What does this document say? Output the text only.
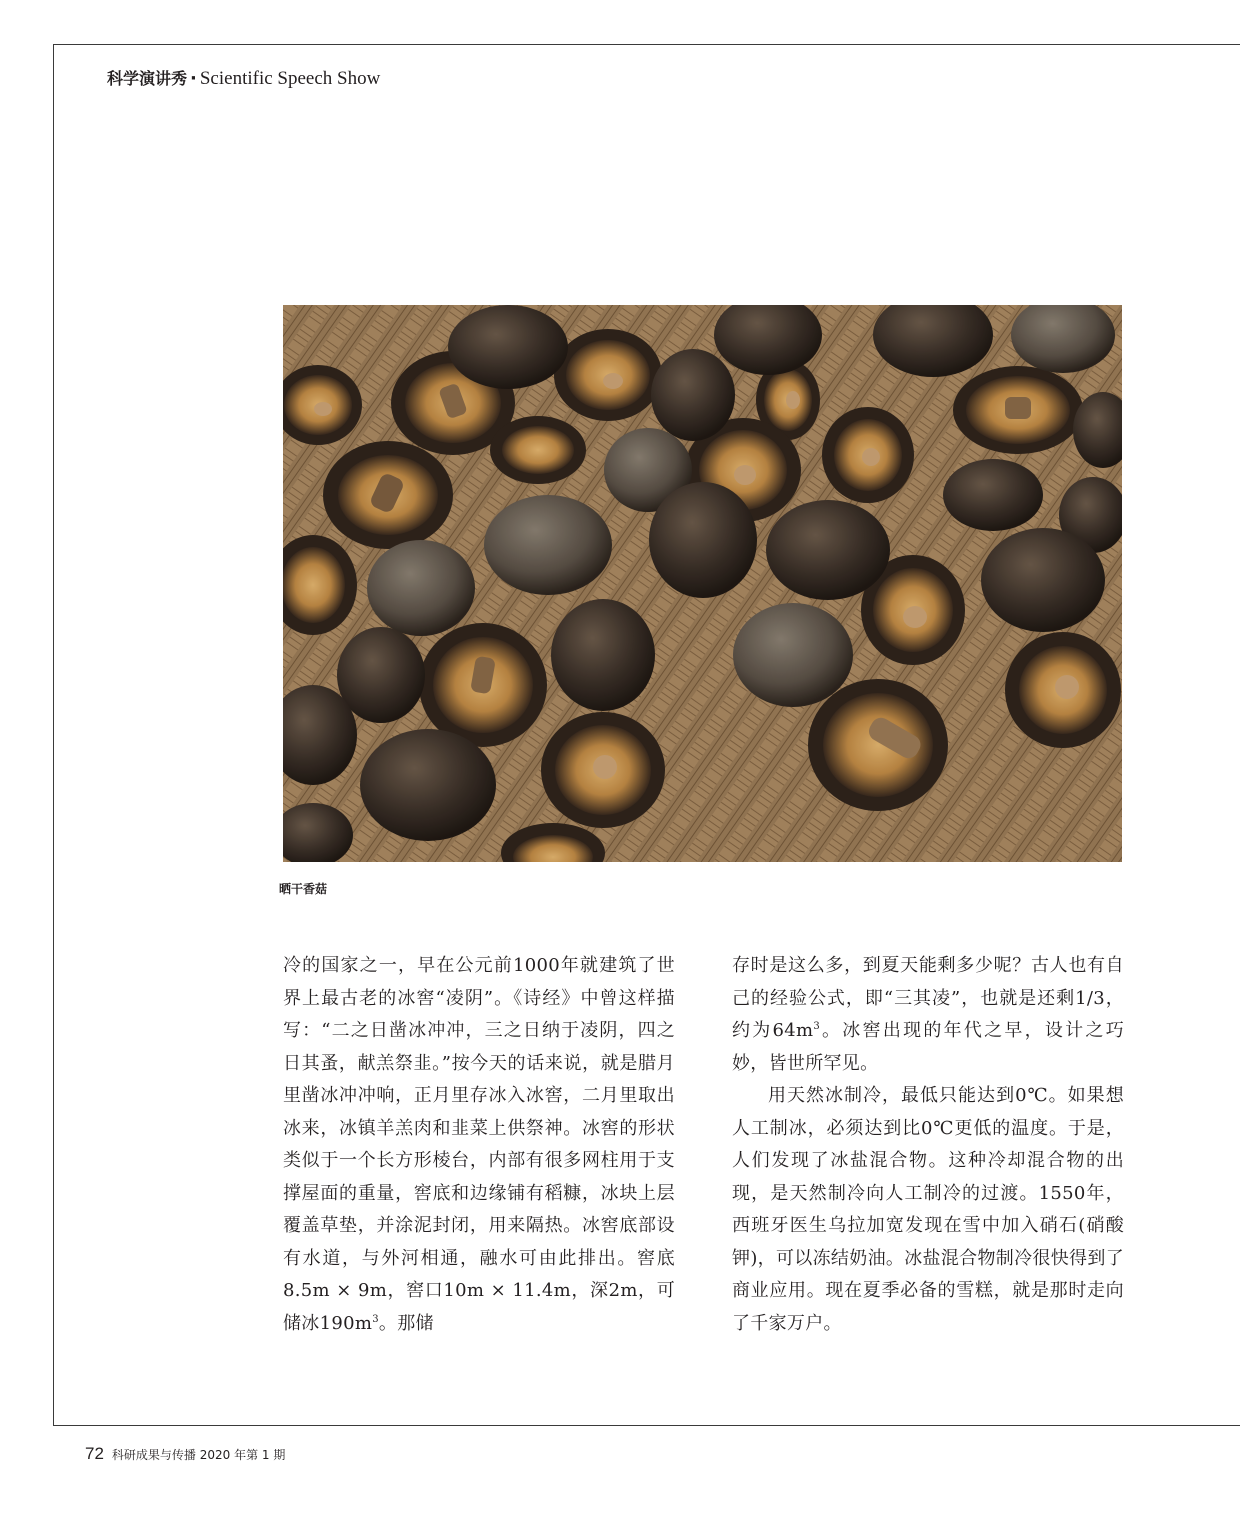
科学演讲秀 · Scientific Speech Show
晒干香菇

冷的国家之一，早在公元前1000年就建筑了世界上最古老的冰窖“凌阴”。《诗经》中曾这样描写：“二之日凿冰冲冲，三之日纳于凌阴，四之日其蚤，献羔祭韭。”按今天的话来说，就是腊月里凿冰冲冲响，正月里存冰入冰窖，二月里取出冰来，冰镇羊羔肉和韭菜上供祭神。冰窖的形状类似于一个长方形棱台，内部有很多网柱用于支撑屋面的重量，窖底和边缘铺有稻糠，冰块上层覆盖草垫，并涂泥封闭，用来隔热。冰窖底部设有水道，与外河相通，融水可由此排出。窖底8.5m × 9m，窖口10m × 11.4m，深2m，可储冰$190m^3$。那储

存时是这么多，到夏天能剩多少呢？古人也有自己的经验公式，即“三其凌”，也就是还剩1/3，约为$64m^3$。冰窖出现的年代之早，设计之巧妙，皆世所罕见。

用天然冰制冷，最低只能达到0℃。如果想人工制冰，必须达到比0℃更低的温度。于是，人们发现了冰盐混合物。这种冷却混合物的出现，是天然制冷向人工制冷的过渡。1550年，西班牙医生乌拉加宽发现在雪中加入硝石(硝酸钾)，可以冻结奶油。冰盐混合物制冷很快得到了商业应用。现在夏季必备的雪糕，就是那时走向了千家万户。

72 科研成果与传播 2020 年第 1 期
